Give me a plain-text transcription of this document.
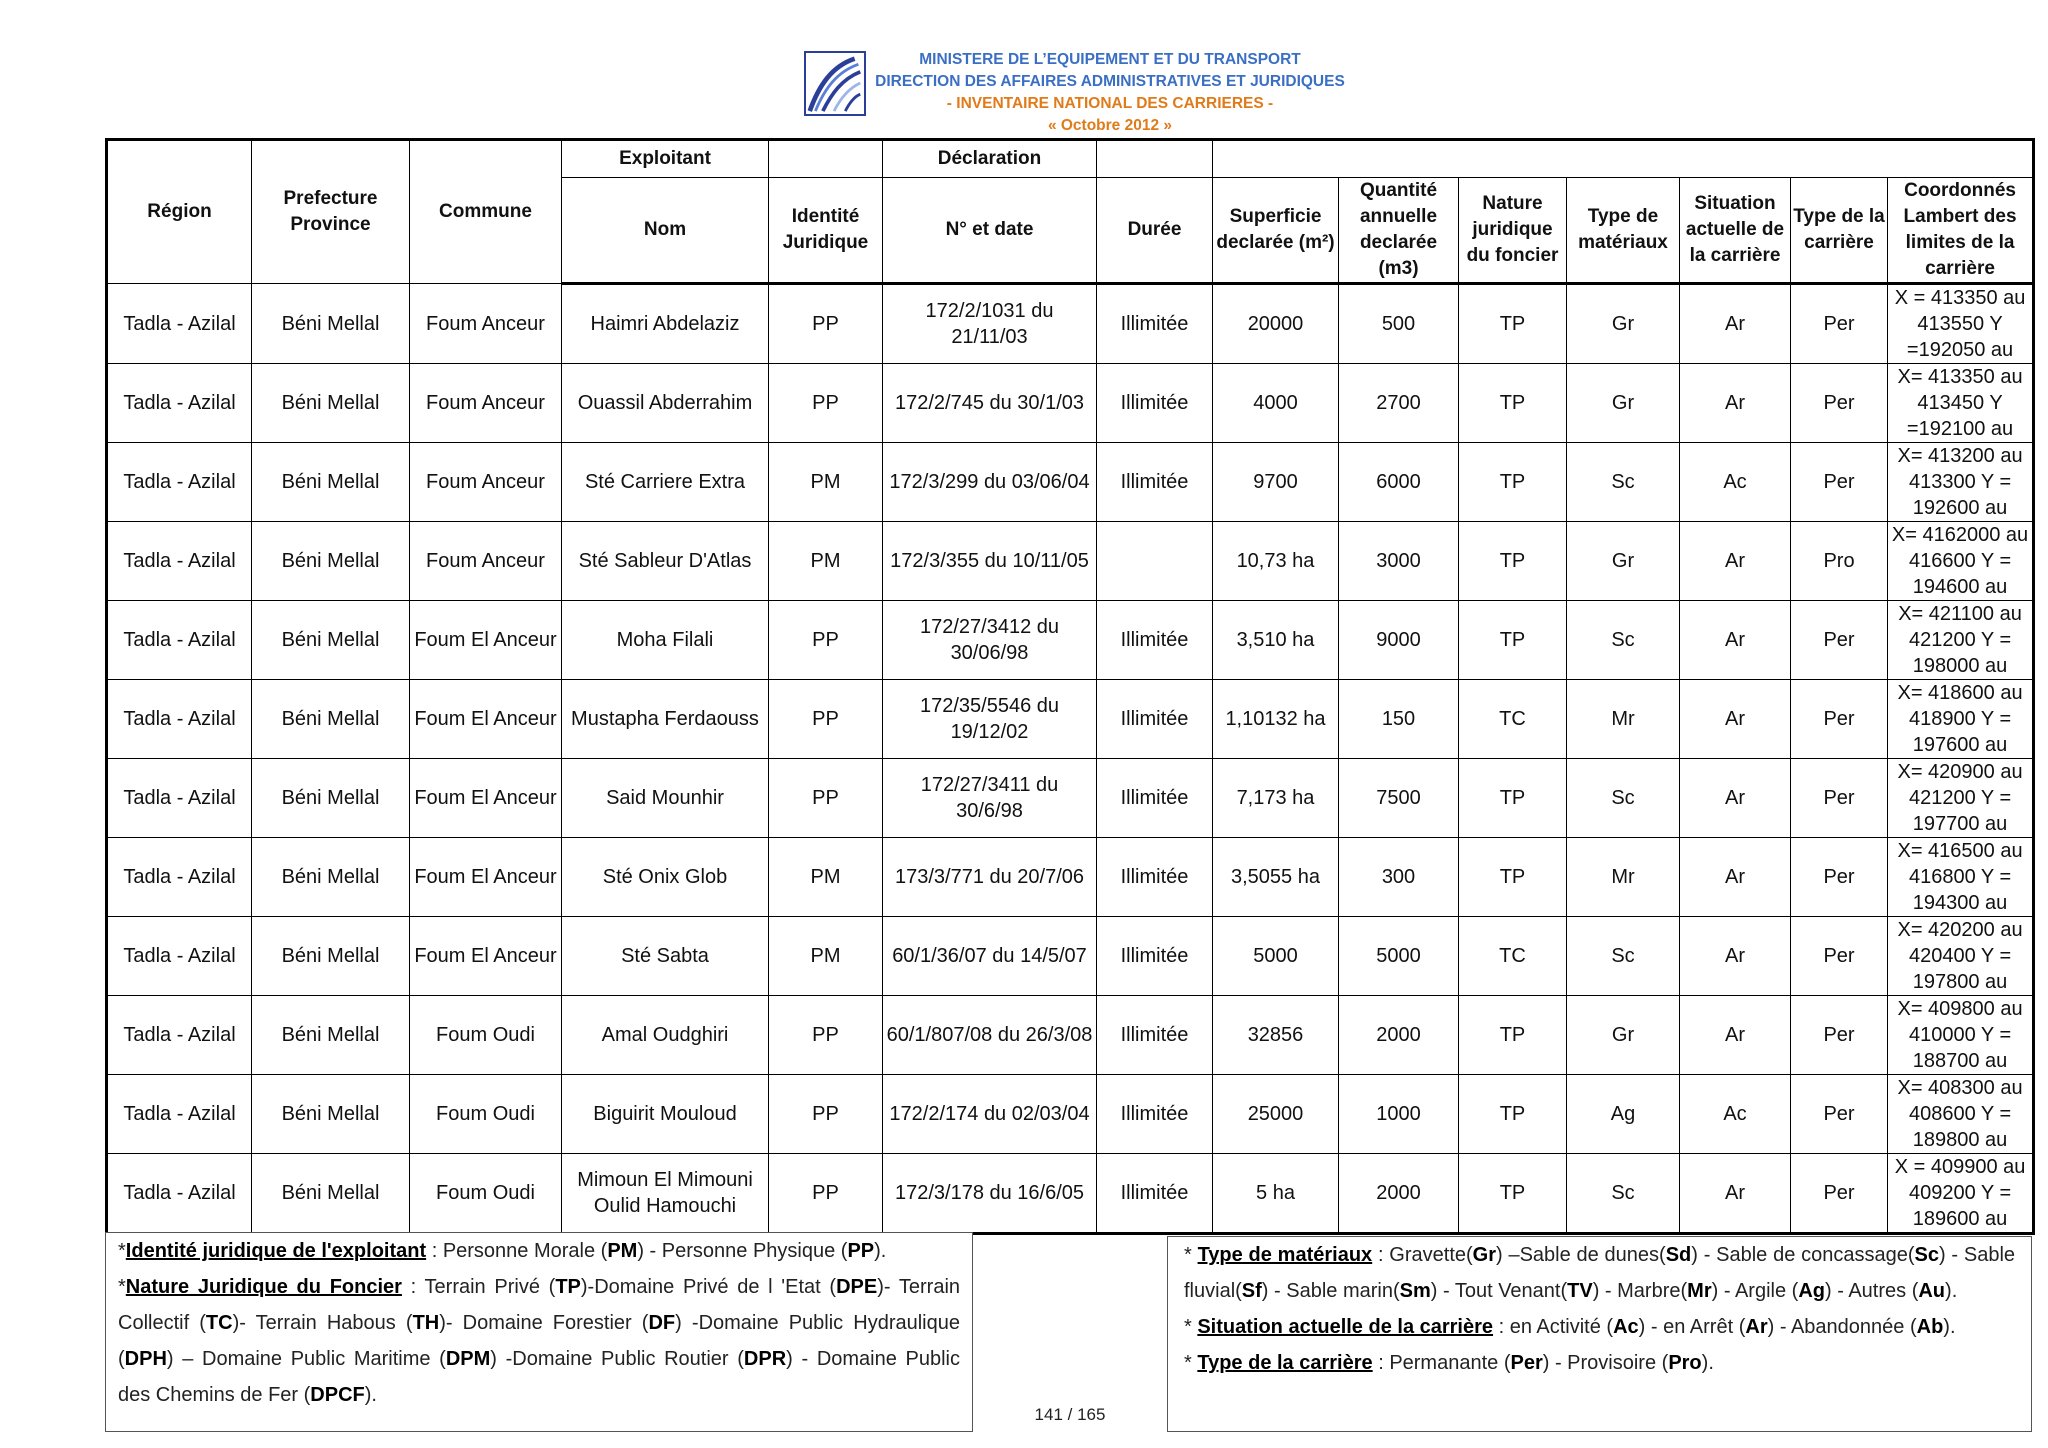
MINISTERE DE L’EQUIPEMENT ET DU TRANSPORT
DIRECTION DES AFFAIRES ADMINISTRATIVES ET JURIDIQUES
- INVENTAIRE NATIONAL DES CARRIERES -
« Octobre 2012 »
Région	Prefecture Province	Commune	Exploitant		Déclaration								
			Nom	Identité Juridique	N° et date	Durée	Superficie declarée (m²)	Quantité annuelle declarée (m3)	Nature juridique du foncier	Type de matériaux	Situation actuelle de la carrière	Type de la carrière	Coordonnés Lambert des limites de la carrière
Tadla - Azilal	Béni Mellal	Foum Anceur	Haimri Abdelaziz	PP	172/2/1031 du 21/11/03	Illimitée	20000	500	TP	Gr	Ar	Per	X = 413350 au 413550 Y =192050 au
Tadla - Azilal	Béni Mellal	Foum Anceur	Ouassil Abderrahim	PP	172/2/745 du 30/1/03	Illimitée	4000	2700	TP	Gr	Ar	Per	X= 413350 au 413450 Y =192100 au
Tadla - Azilal	Béni Mellal	Foum Anceur	Sté Carriere Extra	PM	172/3/299 du 03/06/04	Illimitée	9700	6000	TP	Sc	Ac	Per	X= 413200 au 413300 Y = 192600 au
Tadla - Azilal	Béni Mellal	Foum Anceur	Sté Sableur D'Atlas	PM	172/3/355 du 10/11/05		10,73 ha	3000	TP	Gr	Ar	Pro	X= 4162000 au 416600 Y = 194600 au
Tadla - Azilal	Béni Mellal	Foum El Anceur	Moha Filali	PP	172/27/3412 du 30/06/98	Illimitée	3,510 ha	9000	TP	Sc	Ar	Per	X= 421100 au 421200 Y = 198000 au
Tadla - Azilal	Béni Mellal	Foum El Anceur	Mustapha Ferdaouss	PP	172/35/5546 du 19/12/02	Illimitée	1,10132 ha	150	TC	Mr	Ar	Per	X= 418600 au 418900 Y = 197600 au
Tadla - Azilal	Béni Mellal	Foum El Anceur	Said Mounhir	PP	172/27/3411 du 30/6/98	Illimitée	7,173 ha	7500	TP	Sc	Ar	Per	X= 420900 au 421200 Y = 197700 au
Tadla - Azilal	Béni Mellal	Foum El Anceur	Sté Onix Glob	PM	173/3/771 du 20/7/06	Illimitée	3,5055 ha	300	TP	Mr	Ar	Per	X= 416500 au 416800 Y = 194300 au
Tadla - Azilal	Béni Mellal	Foum El Anceur	Sté Sabta	PM	60/1/36/07 du 14/5/07	Illimitée	5000	5000	TC	Sc	Ar	Per	X= 420200 au 420400 Y = 197800 au
Tadla - Azilal	Béni Mellal	Foum Oudi	Amal Oudghiri	PP	60/1/807/08 du 26/3/08	Illimitée	32856	2000	TP	Gr	Ar	Per	X= 409800 au 410000 Y = 188700 au
Tadla - Azilal	Béni Mellal	Foum Oudi	Biguirit Mouloud	PP	172/2/174 du 02/03/04	Illimitée	25000	1000	TP	Ag	Ac	Per	X= 408300 au 408600 Y = 189800 au
Tadla - Azilal	Béni Mellal	Foum Oudi	Mimoun El Mimouni Oulid Hamouchi	PP	172/3/178 du 16/6/05	Illimitée	5 ha	2000	TP	Sc	Ar	Per	X = 409900 au 409200 Y = 189600 au

*Identité juridique de l'exploitant : Personne Morale (PM) - Personne Physique (PP).

*Nature Juridique du Foncier : Terrain Privé (TP)-Domaine Privé de l 'Etat (DPE)- Terrain Collectif (TC)- Terrain Habous (TH)- Domaine Forestier (DF) -Domaine Public Hydraulique (DPH) – Domaine Public Maritime (DPM) -Domaine Public Routier (DPR) - Domaine Public des Chemins de Fer (DPCF).

* Type de matériaux : Gravette(Gr) –Sable de dunes(Sd) - Sable de concassage(Sc) - Sable fluvial(Sf) - Sable marin(Sm) - Tout Venant(TV) - Marbre(Mr) - Argile (Ag) - Autres (Au).

* Situation actuelle de la carrière : en Activité (Ac) - en Arrêt (Ar) - Abandonnée (Ab).

* Type de la carrière : Permanante (Per) - Provisoire (Pro).

141 / 165
